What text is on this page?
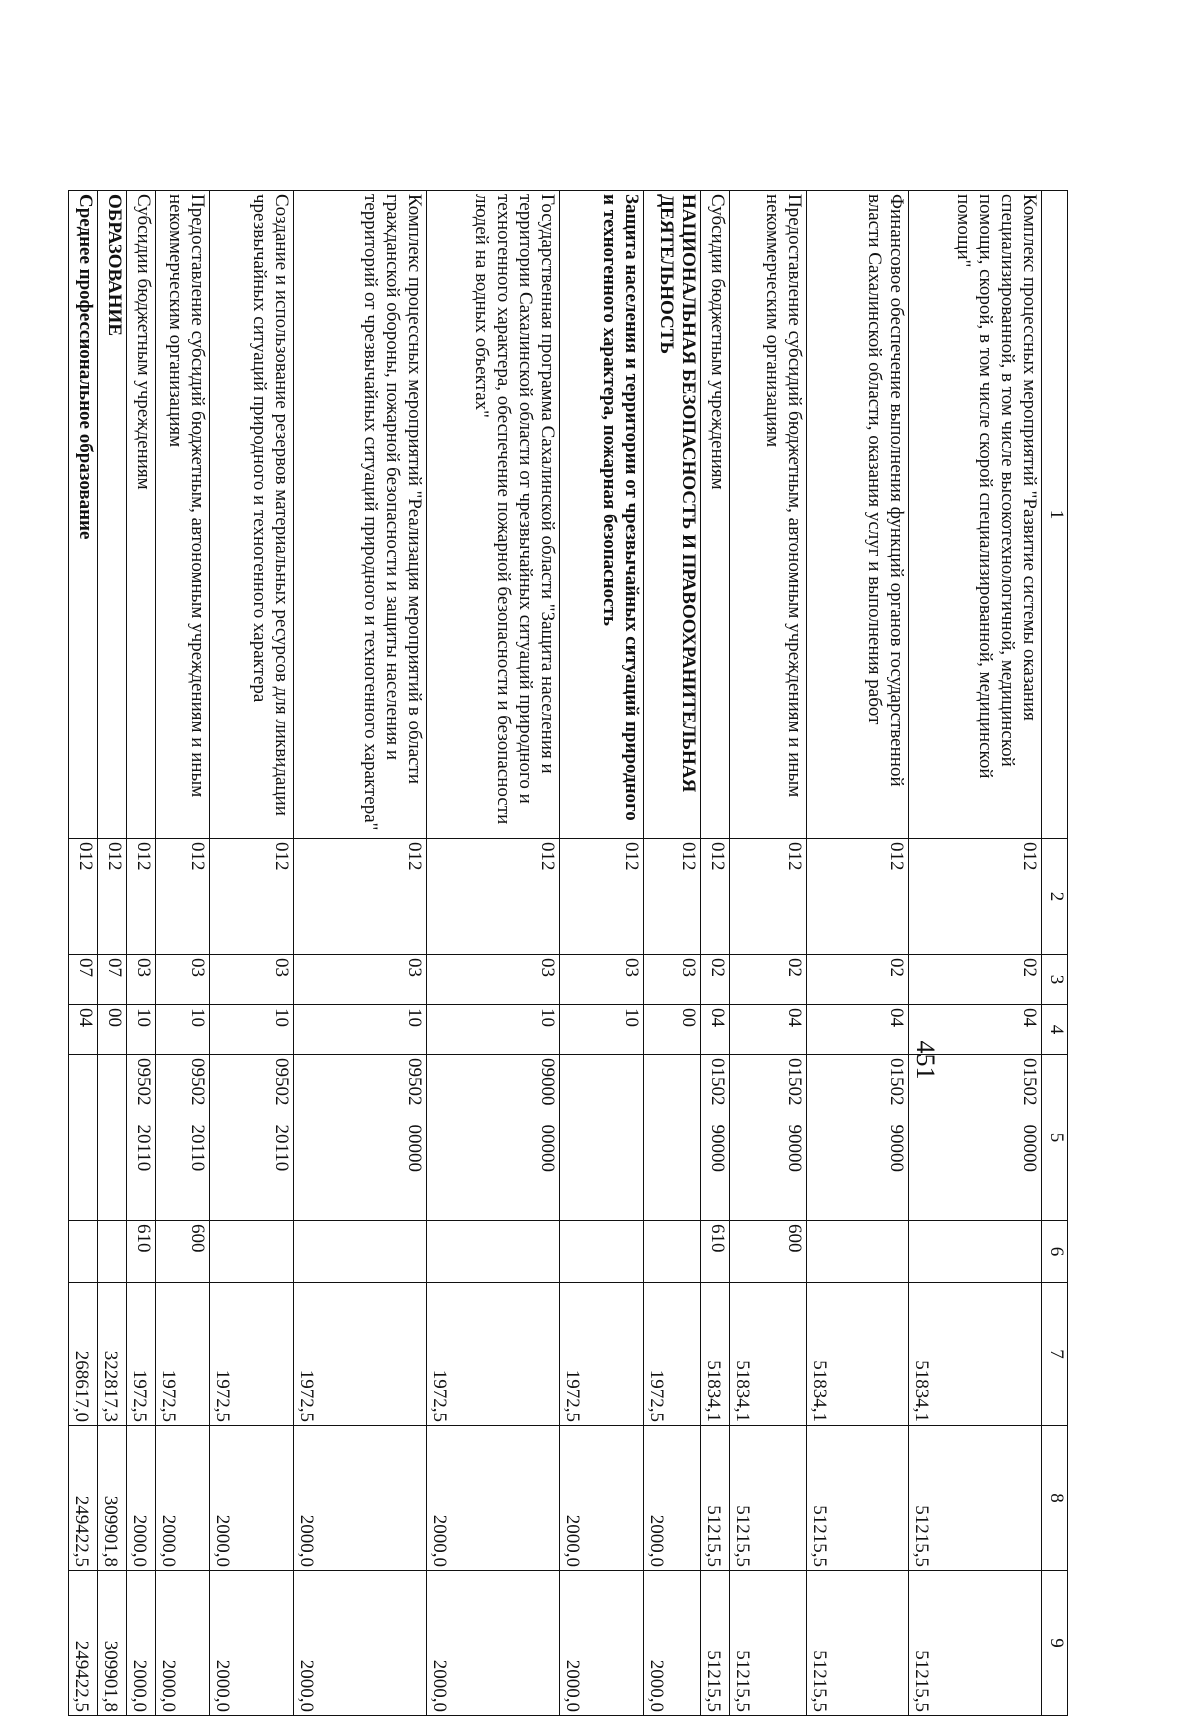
451
1	2	3	4	5	6	7	8	9
Комплекс процессных мероприятий "Развитие системы оказания специализированной, в том числе высокотехнологичной, медицинской помощи, скорой, в том числе скорой специализированной, медицинской помощи"	012	02	04	01502    00000		51834,1	51215,5	51215,5
Финансовое обеспечение выполнения функций органов государственной власти Сахалинской области, оказания услуг и выполнения работ	012	02	04	01502    90000		51834,1	51215,5	51215,5
Предоставление субсидий бюджетным, автономным учреждениям и иным некоммерческим организациям	012	02	04	01502    90000	600	51834,1	51215,5	51215,5
Субсидии бюджетным учреждениям	012	02	04	01502    90000	610	51834,1	51215,5	51215,5
НАЦИОНАЛЬНАЯ БЕЗОПАСНОСТЬ И ПРАВООХРАНИТЕЛЬНАЯ ДЕЯТЕЛЬНОСТЬ	012	03	00			1972,5	2000,0	2000,0
Защита населения и территории от чрезвычайных ситуаций природного и техногенного характера, пожарная безопасность	012	03	10			1972,5	2000,0	2000,0
Государственная программа Сахалинской области "Защита населения и территории Сахалинской области от чрезвычайных ситуаций природного и техногенного характера, обеспечение пожарной безопасности и безопасности людей на водных объектах"	012	03	10	09000    00000		1972,5	2000,0	2000,0
Комплекс процессных мероприятий "Реализация мероприятий в области гражданской обороны, пожарной безопасности и защиты населения и территорий от чрезвычайных ситуаций природного и техногенного характера"	012	03	10	09502    00000		1972,5	2000,0	2000,0
Создание и использование резервов материальных ресурсов для ликвидации чрезвычайных ситуаций природного и техногенного характера	012	03	10	09502    20110		1972,5	2000,0	2000,0
Предоставление субсидий бюджетным, автономным учреждениям и иным некоммерческим организациям	012	03	10	09502    20110	600	1972,5	2000,0	2000,0
Субсидии бюджетным учреждениям	012	03	10	09502    20110	610	1972,5	2000,0	2000,0
ОБРАЗОВАНИЕ	012	07	00			322817,3	309901,8	309901,8
Среднее профессиональное образование	012	07	04			268617,0	249422,5	249422,5
